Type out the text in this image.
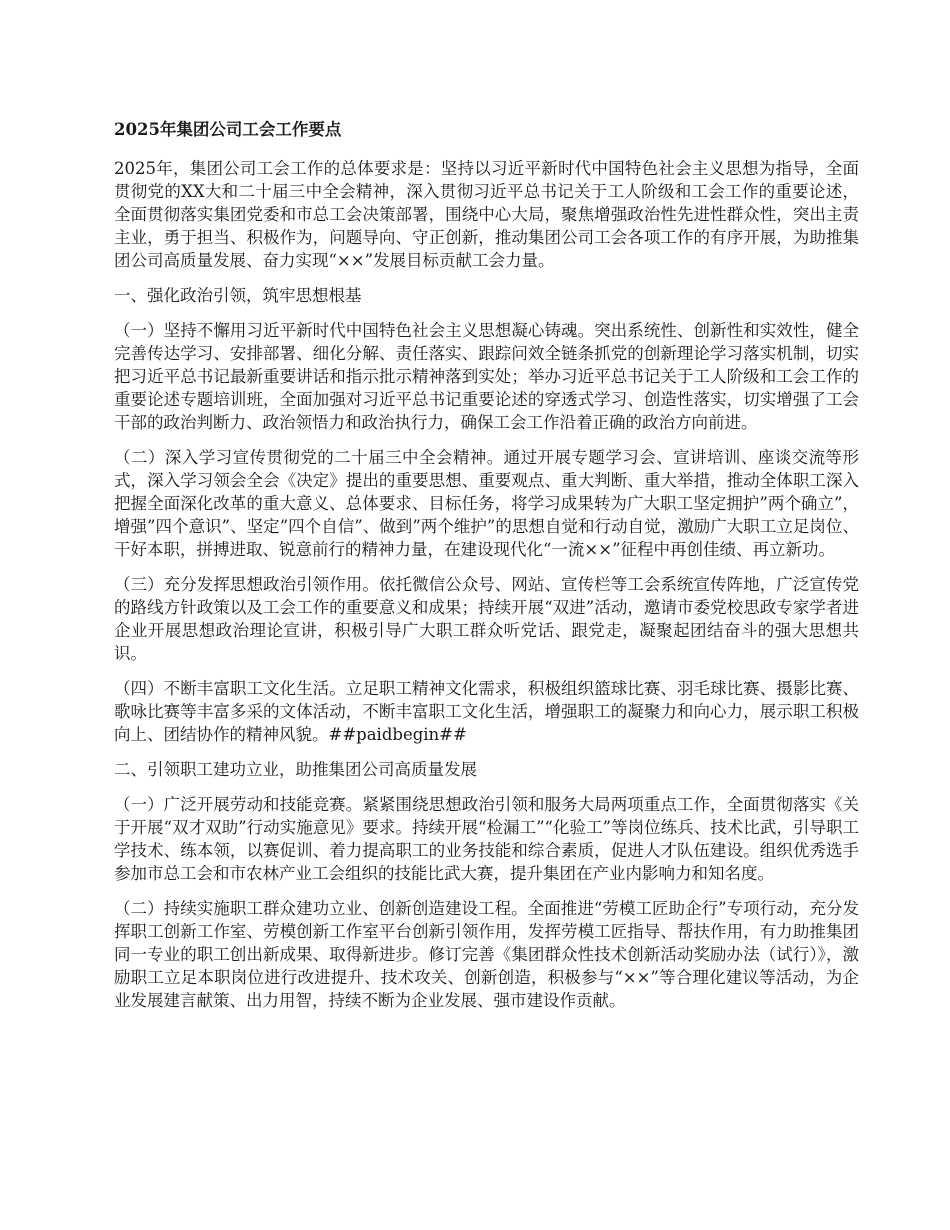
2025年集团公司工会工作要点

2025年，集团公司工会工作的总体要求是：坚持以习近平新时代中国特色社会主义思想为指导，全面贯彻党的XX大和二十届三中全会精神，深入贯彻习近平总书记关于工人阶级和工会工作的重要论述，全面贯彻落实集团党委和市总工会决策部署，围绕中心大局，聚焦增强政治性先进性群众性，突出主责主业，勇于担当、积极作为，问题导向、守正创新，推动集团公司工会各项工作的有序开展，为助推集团公司高质量发展、奋力实现“××”发展目标贡献工会力量。

一、强化政治引领，筑牢思想根基

（一）坚持不懈用习近平新时代中国特色社会主义思想凝心铸魂。突出系统性、创新性和实效性，健全完善传达学习、安排部署、细化分解、责任落实、跟踪问效全链条抓党的创新理论学习落实机制，切实把习近平总书记最新重要讲话和指示批示精神落到实处；举办习近平总书记关于工人阶级和工会工作的重要论述专题培训班，全面加强对习近平总书记重要论述的穿透式学习、创造性落实，切实增强了工会干部的政治判断力、政治领悟力和政治执行力，确保工会工作沿着正确的政治方向前进。

（二）深入学习宣传贯彻党的二十届三中全会精神。通过开展专题学习会、宣讲培训、座谈交流等形式，深入学习领会全会《决定》提出的重要思想、重要观点、重大判断、重大举措，推动全体职工深入把握全面深化改革的重大意义、总体要求、目标任务，将学习成果转为广大职工坚定拥护”两个确立”，增强”四个意识”、坚定”四个自信”、做到”两个维护”的思想自觉和行动自觉，激励广大职工立足岗位、干好本职，拼搏进取、锐意前行的精神力量，在建设现代化“一流××”征程中再创佳绩、再立新功。

（三）充分发挥思想政治引领作用。依托微信公众号、网站、宣传栏等工会系统宣传阵地，广泛宣传党的路线方针政策以及工会工作的重要意义和成果；持续开展“双进”活动，邀请市委党校思政专家学者进企业开展思想政治理论宣讲，积极引导广大职工群众听党话、跟党走，凝聚起团结奋斗的强大思想共识。

（四）不断丰富职工文化生活。立足职工精神文化需求，积极组织篮球比赛、羽毛球比赛、摄影比赛、歌咏比赛等丰富多采的文体活动，不断丰富职工文化生活，增强职工的凝聚力和向心力，展示职工积极向上、团结协作的精神风貌。##paidbegin##

二、引领职工建功立业，助推集团公司高质量发展

（一）广泛开展劳动和技能竞赛。紧紧围绕思想政治引领和服务大局两项重点工作，全面贯彻落实《关于开展“双才双助”行动实施意见》要求。持续开展“检漏工”“化验工”等岗位练兵、技术比武，引导职工学技术、练本领，以赛促训、着力提高职工的业务技能和综合素质，促进人才队伍建设。组织优秀选手参加市总工会和市农林产业工会组织的技能比武大赛，提升集团在产业内影响力和知名度。

（二）持续实施职工群众建功立业、创新创造建设工程。全面推进“劳模工匠助企行”专项行动，充分发挥职工创新工作室、劳模创新工作室平台创新引领作用，发挥劳模工匠指导、帮扶作用，有力助推集团同一专业的职工创出新成果、取得新进步。修订完善《集团群众性技术创新活动奖励办法（试行）》，激励职工立足本职岗位进行改进提升、技术攻关、创新创造，积极参与“××”等合理化建议等活动，为企业发展建言献策、出力用智，持续不断为企业发展、强市建设作贡献。
